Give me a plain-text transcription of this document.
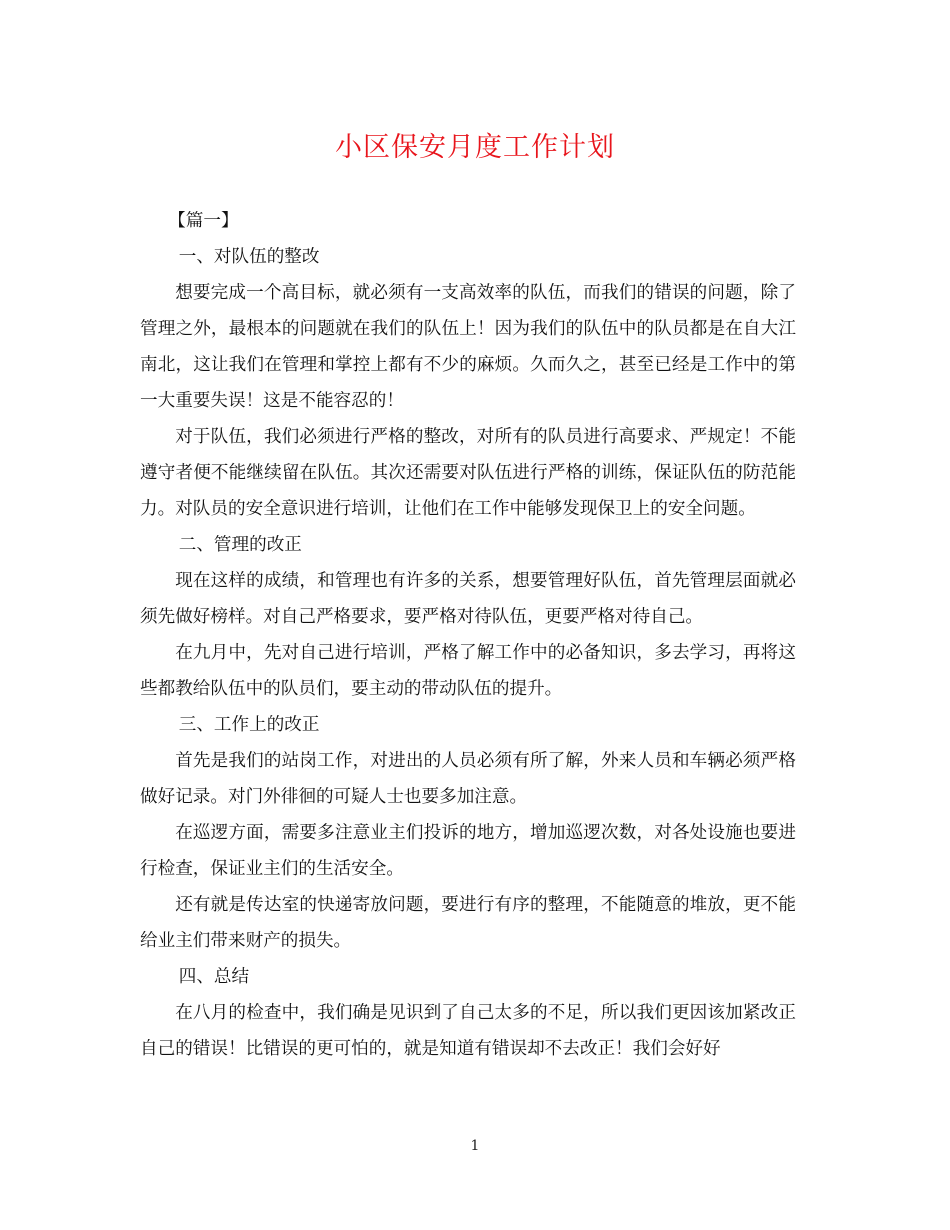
小区保安月度工作计划

【篇一】

一、对队伍的整改

想要完成一个高目标，就必须有一支高效率的队伍，而我们的错误的问题，除了管理之外，最根本的问题就在我们的队伍上！因为我们的队伍中的队员都是在自大江南北，这让我们在管理和掌控上都有不少的麻烦。久而久之，甚至已经是工作中的第一大重要失误！这是不能容忍的！

对于队伍，我们必须进行严格的整改，对所有的队员进行高要求、严规定！不能遵守者便不能继续留在队伍。其次还需要对队伍进行严格的训练，保证队伍的防范能力。对队员的安全意识进行培训，让他们在工作中能够发现保卫上的安全问题。

二、管理的改正

现在这样的成绩，和管理也有许多的关系，想要管理好队伍，首先管理层面就必须先做好榜样。对自己严格要求，要严格对待队伍，更要严格对待自己。

在九月中，先对自己进行培训，严格了解工作中的必备知识，多去学习，再将这些都教给队伍中的队员们，要主动的带动队伍的提升。

三、工作上的改正

首先是我们的站岗工作，对进出的人员必须有所了解，外来人员和车辆必须严格做好记录。对门外徘徊的可疑人士也要多加注意。

在巡逻方面，需要多注意业主们投诉的地方，增加巡逻次数，对各处设施也要进行检查，保证业主们的生活安全。

还有就是传达室的快递寄放问题，要进行有序的整理，不能随意的堆放，更不能给业主们带来财产的损失。

四、总结

在八月的检查中，我们确是见识到了自己太多的不足，所以我们更因该加紧改正自己的错误！比错误的更可怕的，就是知道有错误却不去改正！我们会好好

1
